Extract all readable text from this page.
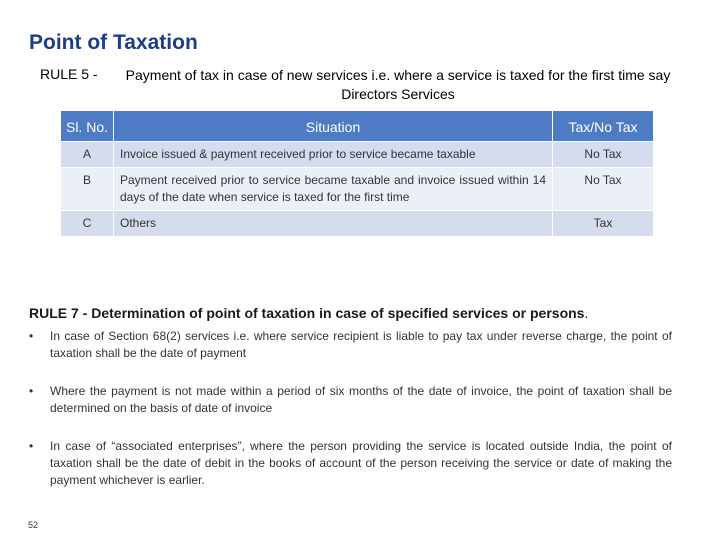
Point of Taxation
RULE 5 -	Payment of tax in case of new services i.e. where a service is taxed for the first time say Directors Services
Sl. No.	Situation	Tax/No Tax
A	Invoice issued & payment received prior to service became taxable	No Tax
B	Payment received prior to service became taxable and invoice issued within 14 days of the date when service is taxed for the first time	No Tax
C	Others	Tax
RULE 7 - Determination of point of taxation in case of specified services or persons.
•	In case of Section 68(2) services i.e. where service recipient is liable to pay tax under reverse charge, the point of taxation shall be the date of payment
•	Where the payment is not made within a period of six months of the date of invoice, the point of taxation shall be determined on the basis of date of invoice
•	In case of “associated enterprises”, where the person providing the service is located outside India, the point of taxation shall be the date of debit in the books of account of the person receiving the service or date of making the payment whichever is earlier.
52
